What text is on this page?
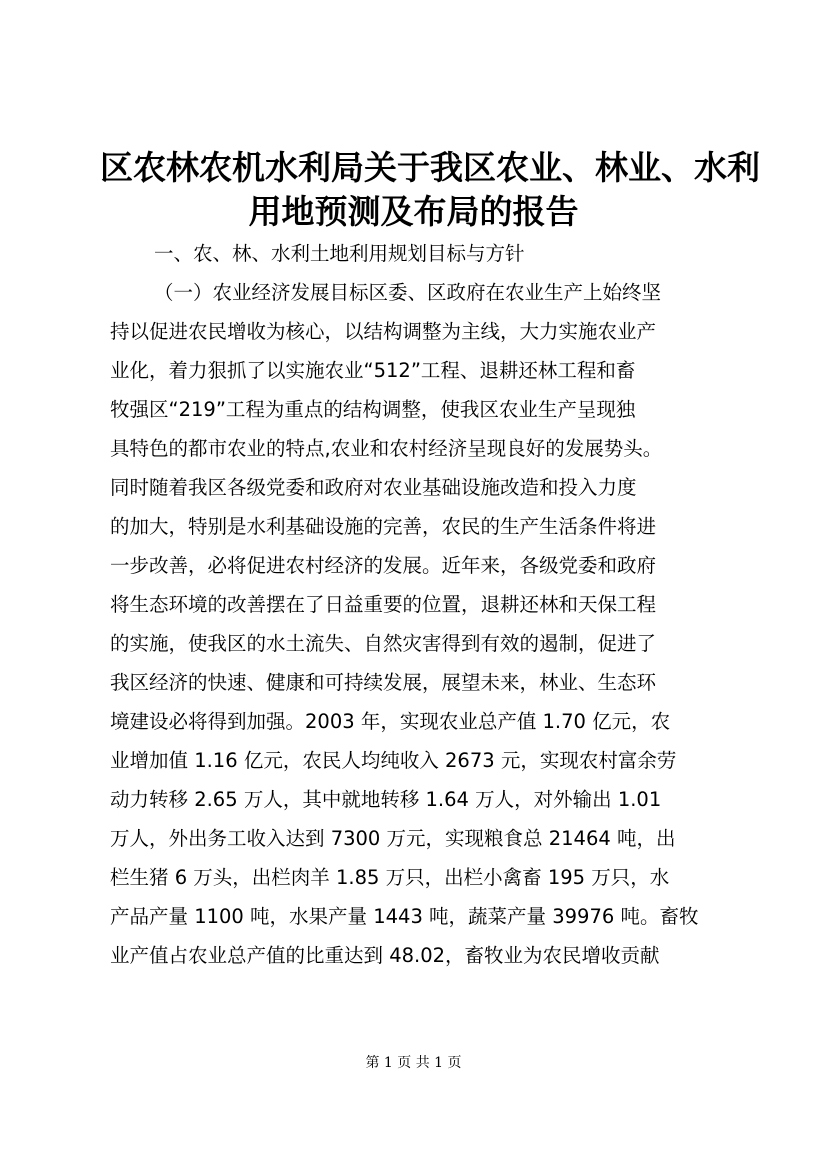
区农林农机水利局关于我区农业、林业、水利
用地预测及布局的报告
一、农、林、水利土地利用规划目标与方针
（一）农业经济发展目标区委、区政府在农业生产上始终坚
持以促进农民增收为核心，以结构调整为主线，大力实施农业产
业化，着力狠抓了以实施农业“512”工程、退耕还林工程和畜
牧强区“219”工程为重点的结构调整，使我区农业生产呈现独
具特色的都市农业的特点,农业和农村经济呈现良好的发展势头。
同时随着我区各级党委和政府对农业基础设施改造和投入力度
的加大，特别是水利基础设施的完善，农民的生产生活条件将进
一步改善，必将促进农村经济的发展。近年来，各级党委和政府
将生态环境的改善摆在了日益重要的位置，退耕还林和天保工程
的实施，使我区的水土流失、自然灾害得到有效的遏制，促进了
我区经济的快速、健康和可持续发展，展望未来，林业、生态环
境建设必将得到加强。2003 年，实现农业总产值 1.70 亿元，农
业增加值 1.16 亿元，农民人均纯收入 2673 元，实现农村富余劳
动力转移 2.65 万人，其中就地转移 1.64 万人，对外输出 1.01
万人，外出务工收入达到 7300 万元，实现粮食总 21464 吨，出
栏生猪 6 万头，出栏肉羊 1.85 万只，出栏小禽畜 195 万只，水
产品产量 1100 吨，水果产量 1443 吨，蔬菜产量 39976 吨。畜牧
业产值占农业总产值的比重达到 48.02，畜牧业为农民增收贡献
第 1 页 共 1 页
